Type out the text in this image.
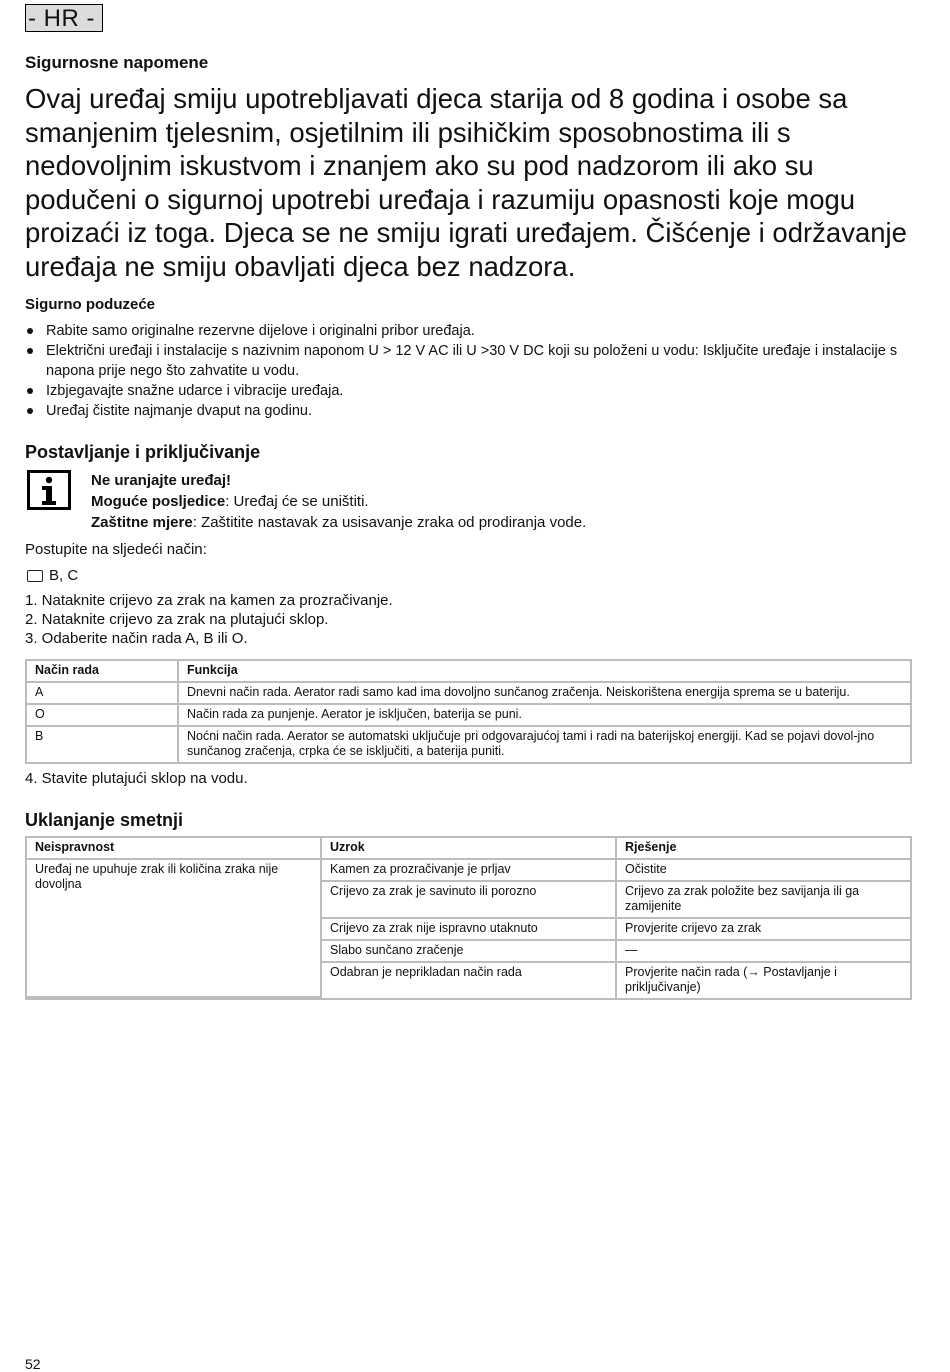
- HR -
Sigurnosne napomene

Ovaj uređaj smiju upotrebljavati djeca starija od 8 godina i osobe sa smanjenim tjelesnim, osjetilnim ili psihičkim sposobnostima ili s nedovoljnim iskustvom i znanjem ako su pod nadzorom ili ako su podučeni o sigurnoj upotrebi uređaja i razumiju opasnosti koje mogu proizaći iz toga. Djeca se ne smiju igrati uređajem. Čišćenje i održavanje uređaja ne smiju obavljati djeca bez nadzora.

Sigurno poduzeće
Rabite samo originalne rezervne dijelove i originalni pribor uređaja.
Električni uređaji i instalacije s nazivnim naponom U > 12 V AC ili U >30 V DC koji su položeni u vodu: Isključite uređaje i instalacije s napona prije nego što zahvatite u vodu.
Izbjegavajte snažne udarce i vibracije uređaja.
Uređaj čistite najmanje dvaput na godinu.
Postavljanje i priključivanje
Ne uranjajte uređaj!
Moguće posljedice: Uređaj će se uništiti.
Zaštitne mjere: Zaštitite nastavak za usisavanje zraka od prodiranja vode.
Postupite na sljedeći način:
B, C
1. Nataknite crijevo za zrak na kamen za prozračivanje.
2. Nataknite crijevo za zrak na plutajući sklop.
3. Odaberite način rada A, B ili O.
Način rada	Funkcija
A	Dnevni način rada. Aerator radi samo kad ima dovoljno sunčanog zračenja. Neiskorištena energija sprema se u bateriju.
O	Način rada za punjenje. Aerator je isključen, baterija se puni.
B	Noćni način rada. Aerator se automatski uključuje pri odgovarajućoj tami i radi na baterijskoj energiji. Kad se pojavi dovol-jno sunčanog zračenja, crpka će se isključiti, a baterija puniti.
4. Stavite plutajući sklop na vodu.
Uklanjanje smetnji
Neispravnost	Uzrok	Rješenje
Uređaj ne upuhuje zrak ili količina zraka nije dovoljna	Kamen za prozračivanje je prljav	Očistite
	Crijevo za zrak je savinuto ili porozno	Crijevo za zrak položite bez savijanja ili ga zamijenite
	Crijevo za zrak nije ispravno utaknuto	Provjerite crijevo za zrak
	Slabo sunčano zračenje	—
	Odabran je neprikladan način rada	Provjerite način rada (→ Postavljanje i priključivanje)
52
